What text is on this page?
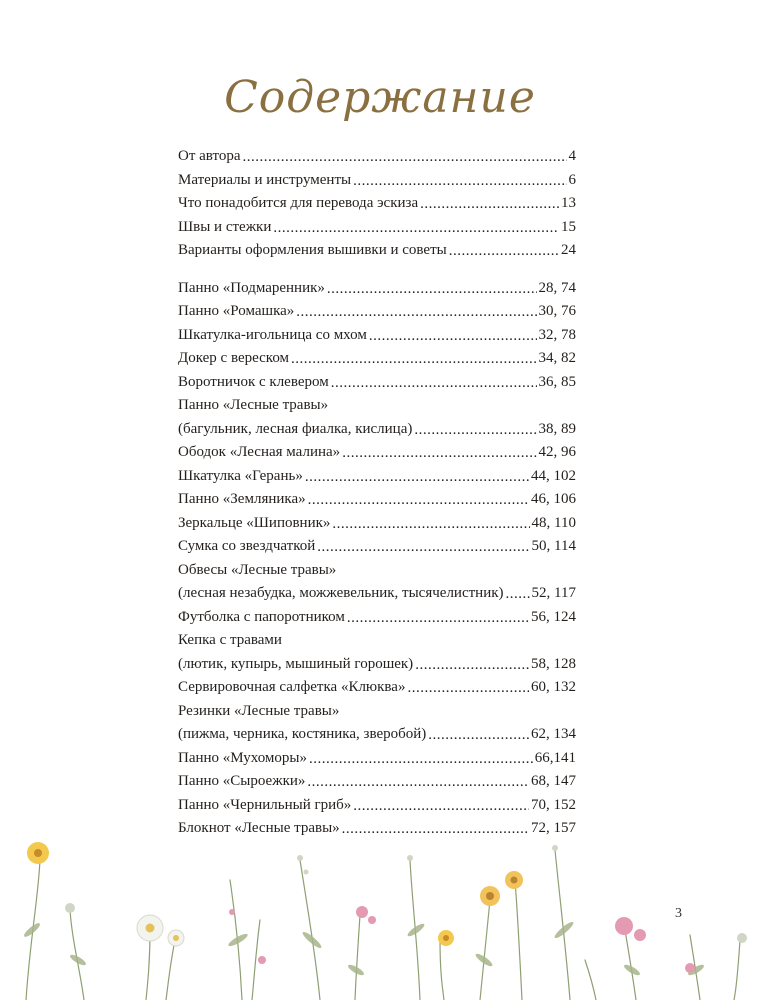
Содержание
От автора .....	4
Материалы и инструменты .....	6
Что понадобится для перевода эскиза .....	13
Швы и стежки .....	15
Варианты оформления вышивки и советы .....	24
Панно «Подмаренник» .....	28, 74
Панно «Ромашка» .....	30, 76
Шкатулка-игольница со мхом .....	32, 78
Докер с вереском .....	34, 82
Воротничок с клевером .....	36, 85
Панно «Лесные травы»
(багульник, лесная фиалка, кислица) .....	38, 89
Ободок «Лесная малина» .....	42, 96
Шкатулка «Герань» .....	44, 102
Панно «Земляника» .....	46, 106
Зеркальце «Шиповник» .....	48, 110
Сумка со звездчаткой .....	50, 114
Обвесы «Лесные травы»
(лесная незабудка, можжевельник, тысячелистник) ..... 52, 117
Футболка с папоротником .....	56, 124
Кепка с травами
(лютик, купырь, мышиный горошек) .....	58, 128
Сервировочная салфетка «Клюква» .....	60, 132
Резинки «Лесные травы»
(пижма, черника, костяника, зверобой) .....	62, 134
Панно «Мухоморы» .....	66,141
Панно «Сыроежки» .....	68, 147
Панно «Чернильный гриб» .....	70, 152
Блокнот «Лесные травы» .....	72, 157
3
